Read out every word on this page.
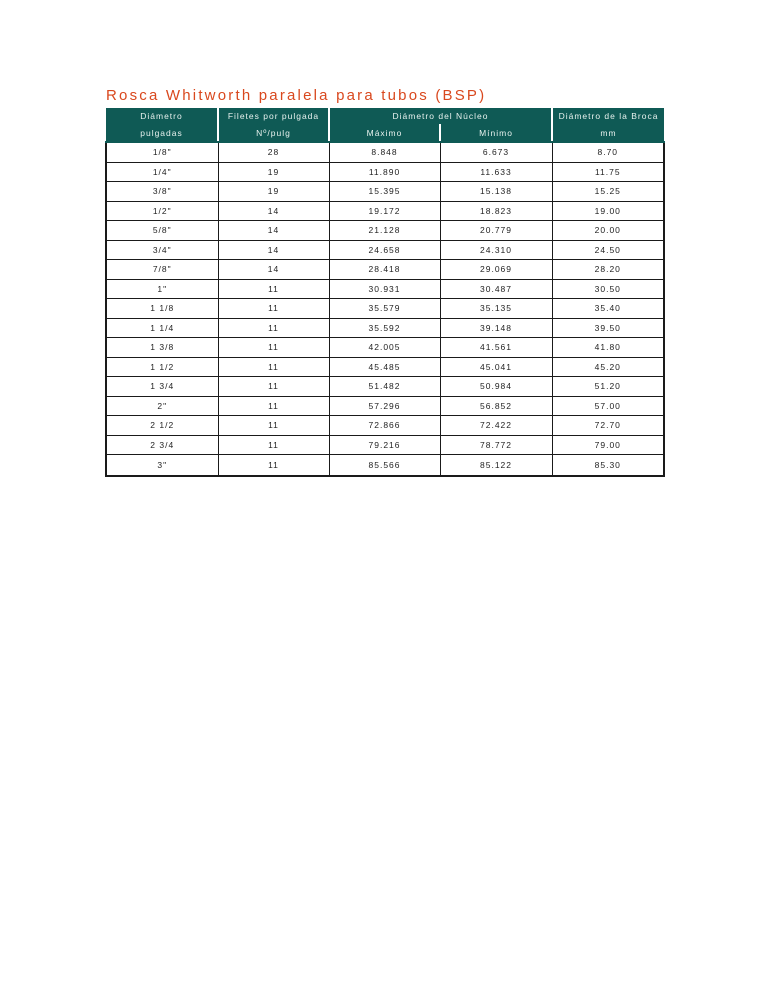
Rosca Whitworth paralela para tubos (BSP)
Diámetro	Filetes por pulgada	Diámetro del Núcleo		Diámetro de la Broca
pulgadas	Nº/pulg	Máximo	Mínimo	mm
1/8"	28	8.848	6.673	8.70
1/4"	19	11.890	11.633	11.75
3/8"	19	15.395	15.138	15.25
1/2"	14	19.172	18.823	19.00
5/8"	14	21.128	20.779	20.00
3/4"	14	24.658	24.310	24.50
7/8"	14	28.418	29.069	28.20
1"	11	30.931	30.487	30.50
1 1/8	11	35.579	35.135	35.40
1 1/4	11	35.592	39.148	39.50
1 3/8	11	42.005	41.561	41.80
1 1/2	11	45.485	45.041	45.20
1 3/4	11	51.482	50.984	51.20
2"	11	57.296	56.852	57.00
2 1/2	11	72.866	72.422	72.70
2 3/4	11	79.216	78.772	79.00
3"	11	85.566	85.122	85.30
